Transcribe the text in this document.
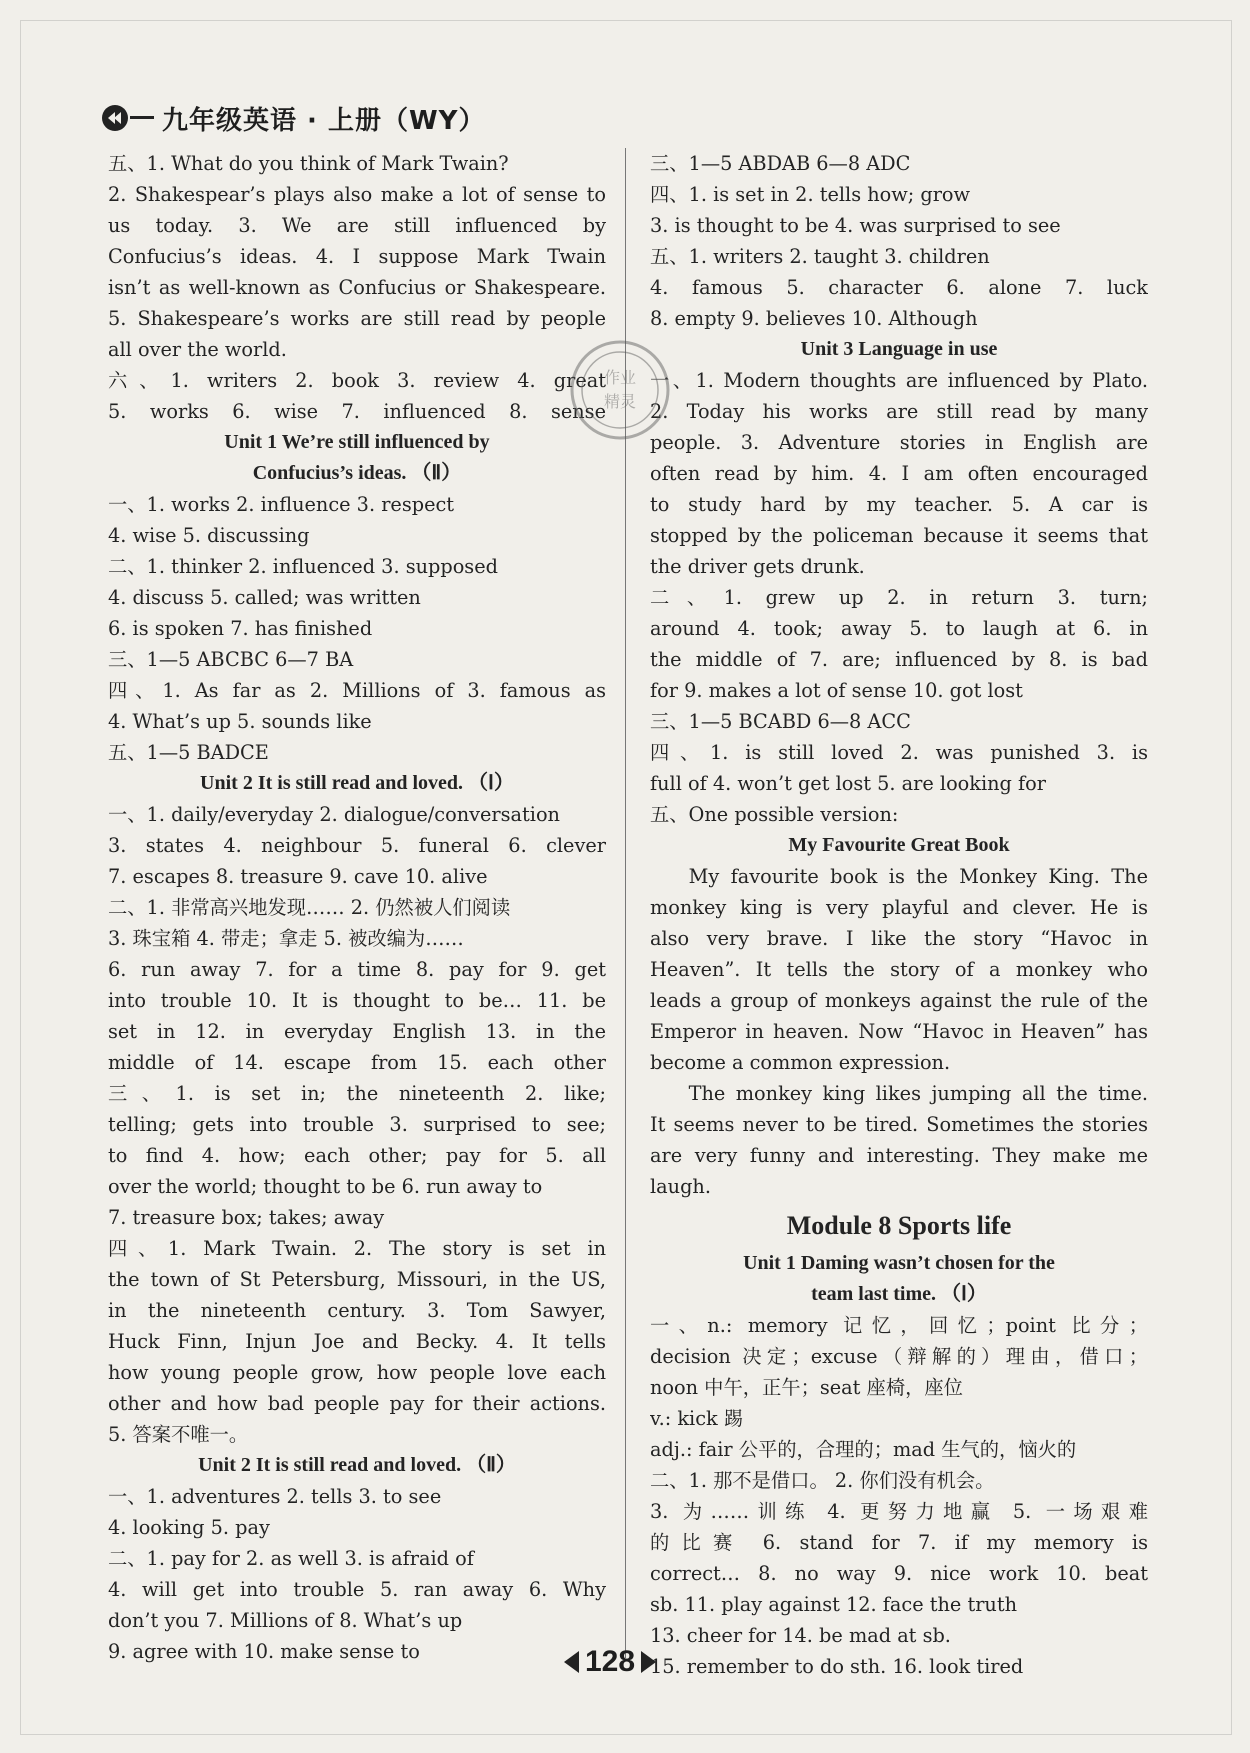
九年级英语 · 上册（WY）
五、1. What do you think of Mark Twain?
2. Shakespear’s plays also make a lot of sense to
us today. 3. We are still influenced by
Confucius’s ideas. 4. I suppose Mark Twain
isn’t as well-known as Confucius or Shakespeare.
5. Shakespeare’s works are still read by people
all over the world.
六、1. writers 2. book 3. review 4. great
5. works 6. wise 7. influenced 8. sense
Unit 1 We’re still influenced by
Confucius’s ideas. （Ⅱ）
一、1. works 2. influence 3. respect
4. wise 5. discussing
二、1. thinker 2. influenced 3. supposed
4. discuss 5. called; was written
6. is spoken 7. has finished
三、1—5 ABCBC 6—7 BA
四、1. As far as 2. Millions of 3. famous as
4. What’s up 5. sounds like
五、1—5 BADCE
Unit 2 It is still read and loved. （Ⅰ）
一、1. daily/everyday 2. dialogue/conversation
3. states 4. neighbour 5. funeral 6. clever
7. escapes 8. treasure 9. cave 10. alive
二、1. 非常高兴地发现…… 2. 仍然被人们阅读
3. 珠宝箱 4. 带走；拿走 5. 被改编为……
6. run away 7. for a time 8. pay for 9. get
into trouble 10. It is thought to be… 11. be
set in 12. in everyday English 13. in the
middle of 14. escape from 15. each other
三、1. is set in; the nineteenth 2. like;
telling; gets into trouble 3. surprised to see;
to find 4. how; each other; pay for 5. all
over the world; thought to be 6. run away to
7. treasure box; takes; away
四、1. Mark Twain. 2. The story is set in
the town of St Petersburg, Missouri, in the US,
in the nineteenth century. 3. Tom Sawyer,
Huck Finn, Injun Joe and Becky. 4. It tells
how young people grow, how people love each
other and how bad people pay for their actions.
5. 答案不唯一。
Unit 2 It is still read and loved. （Ⅱ）
一、1. adventures 2. tells 3. to see
4. looking 5. pay
二、1. pay for 2. as well 3. is afraid of
4. will get into trouble 5. ran away 6. Why
don’t you 7. Millions of 8. What’s up
9. agree with 10. make sense to
三、1—5 ABDAB 6—8 ADC
四、1. is set in 2. tells how; grow
3. is thought to be 4. was surprised to see
五、1. writers 2. taught 3. children
4. famous 5. character 6. alone 7. luck
8. empty 9. believes 10. Although
Unit 3 Language in use
一、1. Modern thoughts are influenced by Plato.
2. Today his works are still read by many
people. 3. Adventure stories in English are
often read by him. 4. I am often encouraged
to study hard by my teacher. 5. A car is
stopped by the policeman because it seems that
the driver gets drunk.
二、1. grew up 2. in return 3. turn;
around 4. took; away 5. to laugh at 6. in
the middle of 7. are; influenced by 8. is bad
for 9. makes a lot of sense 10. got lost
三、1—5 BCABD 6—8 ACC
四、1. is still loved 2. was punished 3. is
full of 4. won’t get lost 5. are looking for
五、One possible version:
My Favourite Great Book
My favourite book is the Monkey King. The
monkey king is very playful and clever. He is
also very brave. I like the story “Havoc in
Heaven”. It tells the story of a monkey who
leads a group of monkeys against the rule of the
Emperor in heaven. Now “Havoc in Heaven” has
become a common expression.
The monkey king likes jumping all the time.
It seems never to be tired. Sometimes the stories
are very funny and interesting. They make me
laugh.
Module 8 Sports life
Unit 1 Daming wasn’t chosen for the
team last time. （Ⅰ）
一、n.: memory 记忆，回忆；point 比分；
decision 决定；excuse（辩解的）理由，借口；
noon 中午，正午；seat 座椅，座位
v.: kick 踢
adj.: fair 公平的，合理的；mad 生气的，恼火的
二、1. 那不是借口。 2. 你们没有机会。
3. 为……训练 4. 更努力地赢 5. 一场艰难
的比赛 6. stand for 7. if my memory is
correct… 8. no way 9. nice work 10. beat
sb. 11. play against 12. face the truth
13. cheer for 14. be mad at sb.
15. remember to do sth. 16. look tired
作业
精灵
128
